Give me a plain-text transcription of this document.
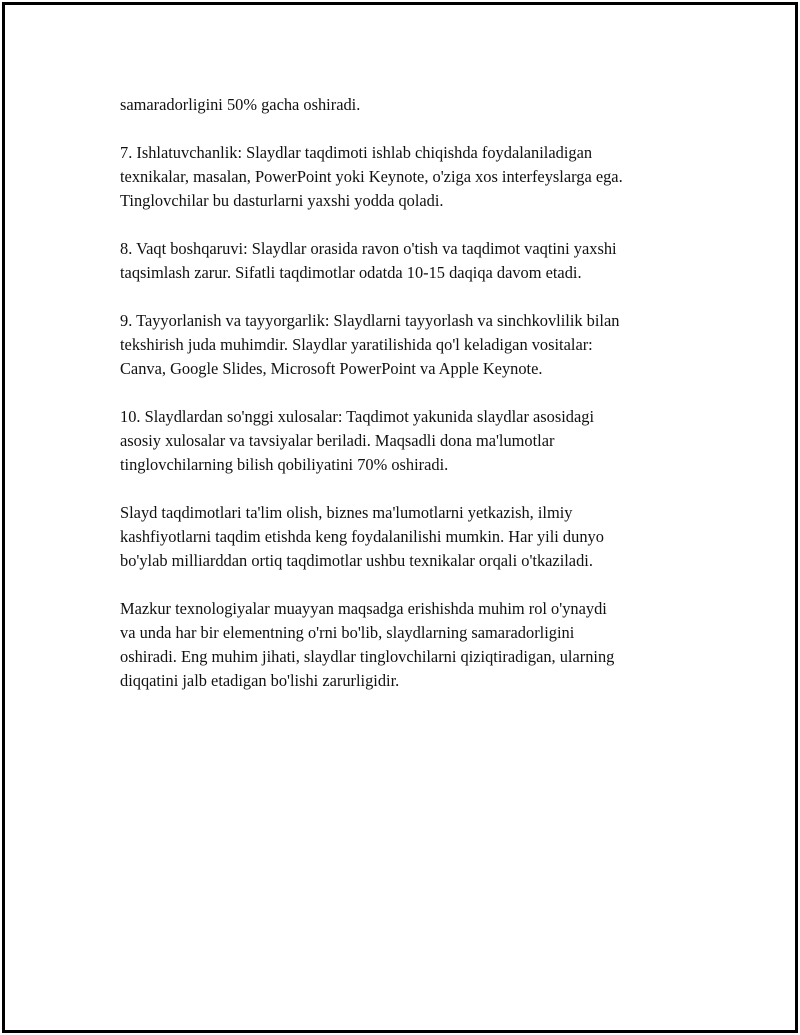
samaradorligini 50% gacha oshiradi.

7. Ishlatuvchanlik: Slaydlar taqdimoti ishlab chiqishda foydalaniladigan
texnikalar, masalan, PowerPoint yoki Keynote, o'ziga xos interfeyslarga ega.
Tinglovchilar bu dasturlarni yaxshi yodda qoladi.

8. Vaqt boshqaruvi: Slaydlar orasida ravon o'tish va taqdimot vaqtini yaxshi
taqsimlash zarur. Sifatli taqdimotlar odatda 10-15 daqiqa davom etadi.

9. Tayyorlanish va tayyorgarlik: Slaydlarni tayyorlash va sinchkovlilik bilan
tekshirish juda muhimdir. Slaydlar yaratilishida qo'l keladigan vositalar:
Canva, Google Slides, Microsoft PowerPoint va Apple Keynote.

10. Slaydlardan so'nggi xulosalar: Taqdimot yakunida slaydlar asosidagi
asosiy xulosalar va tavsiyalar beriladi. Maqsadli dona ma'lumotlar
tinglovchilarning bilish qobiliyatini 70% oshiradi.

Slayd taqdimotlari ta'lim olish, biznes ma'lumotlarni yetkazish, ilmiy
kashfiyotlarni taqdim etishda keng foydalanilishi mumkin. Har yili dunyo
bo'ylab milliarddan ortiq taqdimotlar ushbu texnikalar orqali o'tkaziladi.

Mazkur texnologiyalar muayyan maqsadga erishishda muhim rol o'ynaydi
va unda har bir elementning o'rni bo'lib, slaydlarning samaradorligini
oshiradi. Eng muhim jihati, slaydlar tinglovchilarni qiziqtiradigan, ularning
diqqatini jalb etadigan bo'lishi zarurligidir.
